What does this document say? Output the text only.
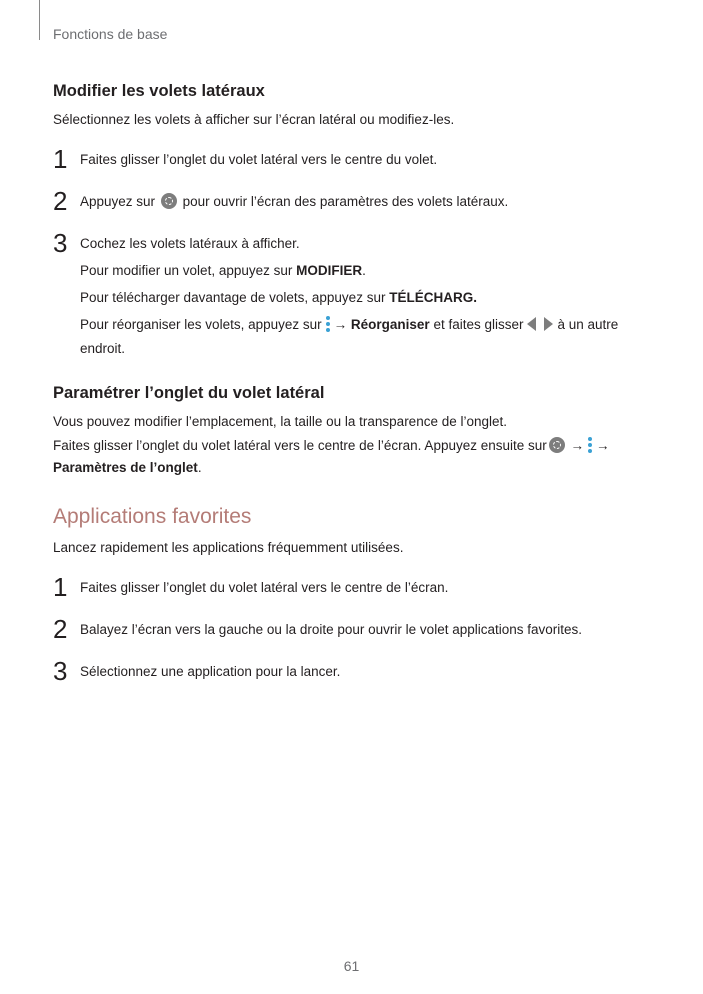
Fonctions de base
Modifier les volets latéraux

Sélectionnez les volets à afficher sur l’écran latéral ou modifiez-les.

1 Faites glisser l’onglet du volet latéral vers le centre du volet.
2 Appuyez sur pour ouvrir l’écran des paramètres des volets latéraux.
3 Cochez les volets latéraux à afficher.

Pour modifier un volet, appuyez sur MODIFIER.

Pour télécharger davantage de volets, appuyez sur TÉLÉCHARG.

Pour réorganiser les volets, appuyez sur → Réorganiser et faites glisser	à un autre endroit.

Paramétrer l’onglet du volet latéral

Vous pouvez modifier l’emplacement, la taille ou la transparence de l’onglet.

Faites glisser l’onglet du volet latéral vers le centre de l’écran. Appuyez ensuite sur → →
Paramètres de l’onglet.

Applications favorites

Lancez rapidement les applications fréquemment utilisées.

1 Faites glisser l’onglet du volet latéral vers le centre de l’écran.
2 Balayez l’écran vers la gauche ou la droite pour ouvrir le volet applications favorites.
3 Sélectionnez une application pour la lancer.
61
